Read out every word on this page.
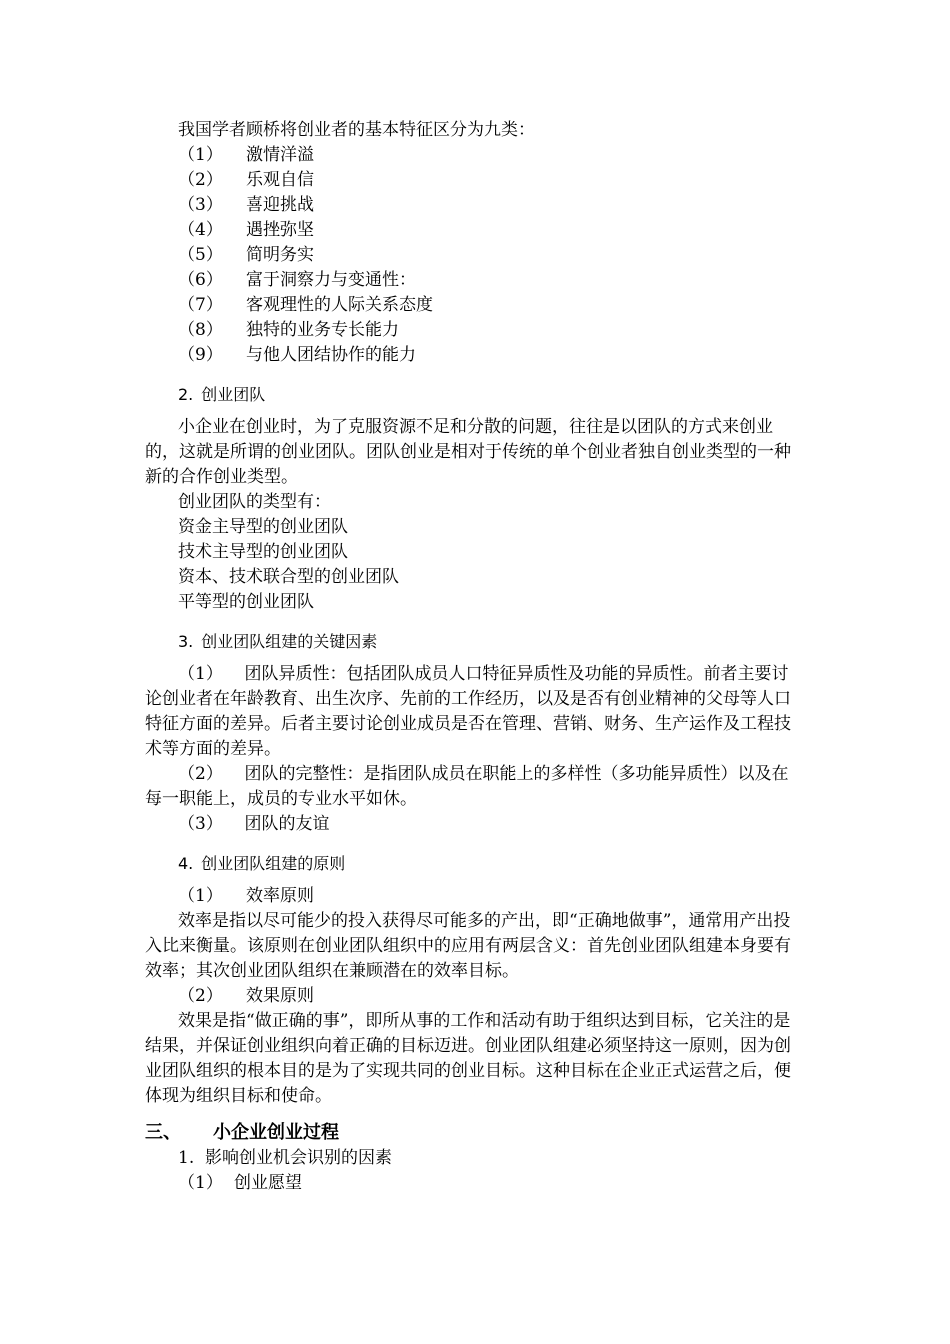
我国学者顾桥将创业者的基本特征区分为九类：

（1）	激情洋溢
（2）	乐观自信
（3）	喜迎挑战
（4）	遇挫弥坚
（5）	简明务实
（6）	富于洞察力与变通性：
（7）	客观理性的人际关系态度
（8）	独特的业务专长能力
（9）	与他人团结协作的能力
2. 创业团队

小企业在创业时，为了克服资源不足和分散的问题，往往是以团队的方式来创业的，这就是所谓的创业团队。团队创业是相对于传统的单个创业者独自创业类型的一种新的合作创业类型。

创业团队的类型有：

资金主导型的创业团队

技术主导型的创业团队

资本、技术联合型的创业团队

平等型的创业团队

3. 创业团队组建的关键因素

（1） 团队异质性：包括团队成员人口特征异质性及功能的异质性。前者主要讨论创业者在年龄教育、出生次序、先前的工作经历，以及是否有创业精神的父母等人口特征方面的差异。后者主要讨论创业成员是否在管理、营销、财务、生产运作及工程技术等方面的差异。

（2） 团队的完整性：是指团队成员在职能上的多样性（多功能异质性）以及在每一职能上，成员的专业水平如休。

（3） 团队的友谊

4. 创业团队组建的原则
（1）	效率原则

效率是指以尽可能少的投入获得尽可能多的产出，即“正确地做事”，通常用产出投入比来衡量。该原则在创业团队组织中的应用有两层含义：首先创业团队组建本身要有效率；其次创业团队组织在兼顾潜在的效率目标。

（2）	效果原则

效果是指“做正确的事”，即所从事的工作和活动有助于组织达到目标，它关注的是结果，并保证创业组织向着正确的目标迈进。创业团队组建必须坚持这一原则，因为创业团队组织的根本目的是为了实现共同的创业目标。这种目标在企业正式运营之后，便体现为组织目标和使命。

三、	小企业创业过程

1. 影响创业机会识别的因素

（1） 创业愿望
